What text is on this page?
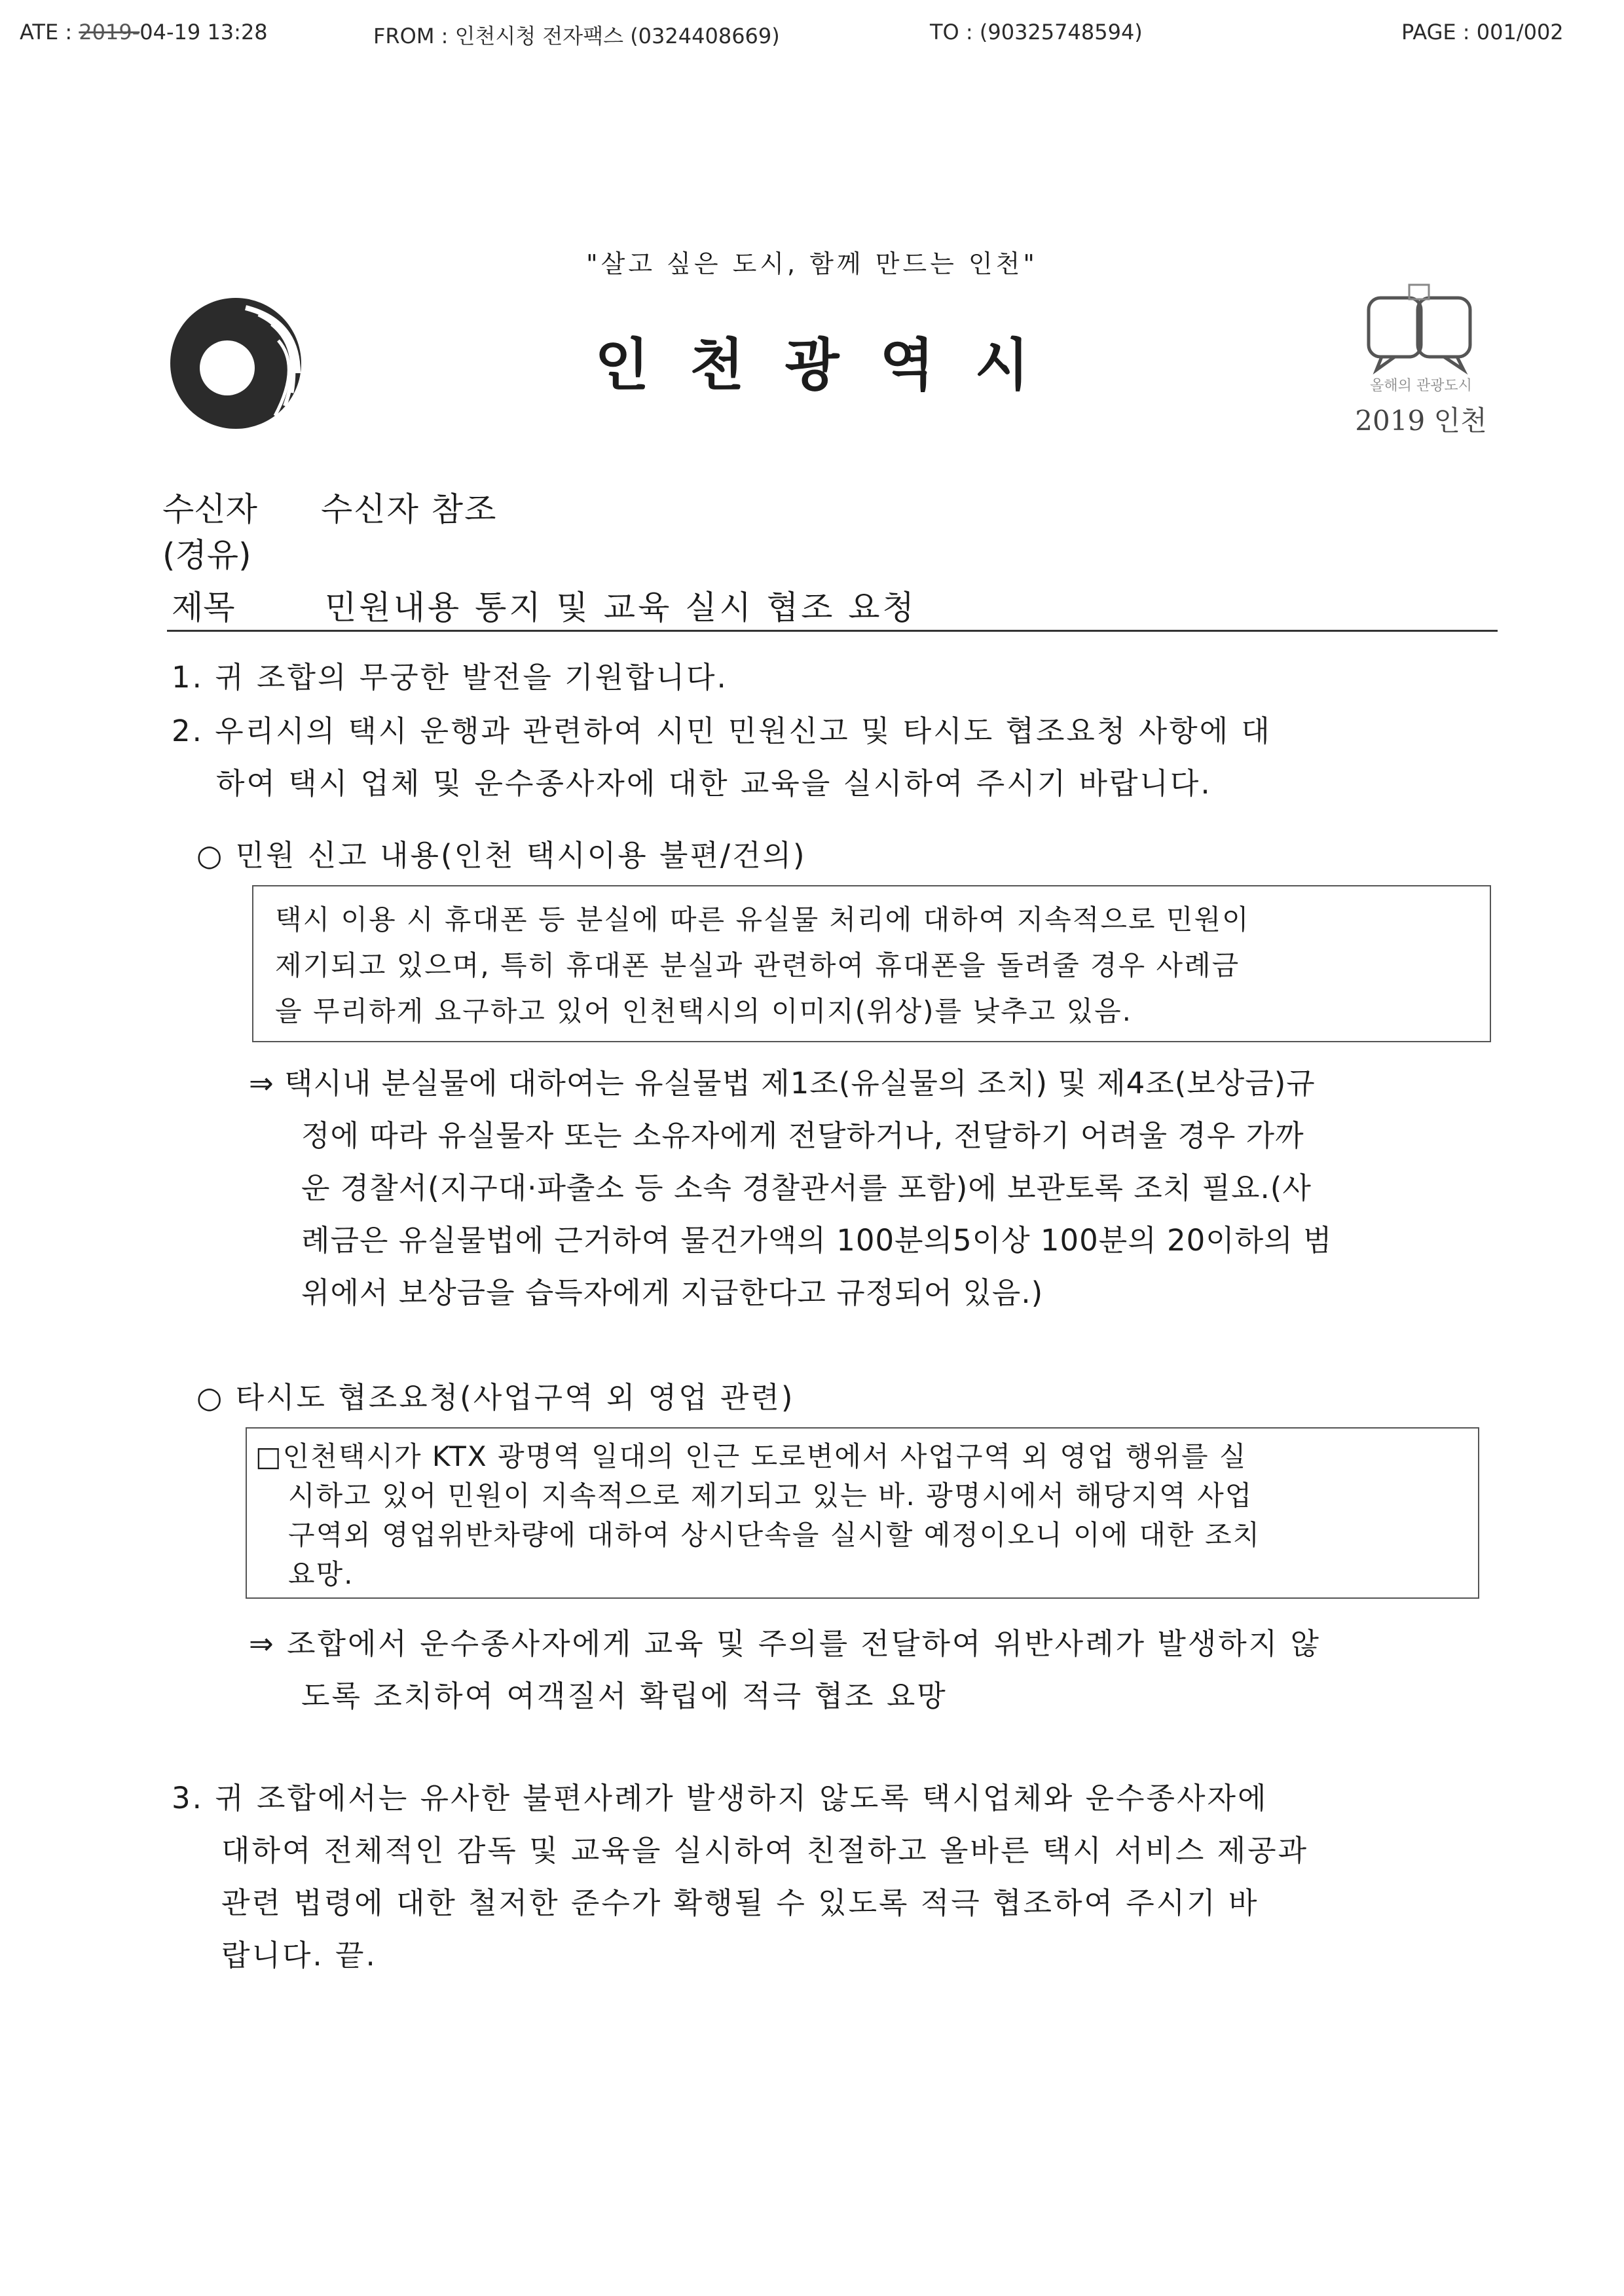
ATE : 2019-04-19 13:28	FROM : 인천시청 전자팩스 (0324408669)	TO : (90325748594)	PAGE : 001/002
"살고 싶은 도시, 함께 만드는 인천"
인천광역시	올해의 관광도시
2019 인천
수신자 수신자 참조
(경유)
제목	민원내용 통지 및 교육 실시 협조 요청
1. 귀 조합의 무궁한 발전을 기원합니다.
2. 우리시의 택시 운행과 관련하여 시민 민원신고 및 타시도 협조요청 사항에 대
하여 택시 업체 및 운수종사자에 대한 교육을 실시하여 주시기 바랍니다.
○ 민원 신고 내용(인천 택시이용 불편/건의)
택시 이용 시 휴대폰 등 분실에 따른 유실물 처리에 대하여 지속적으로 민원이
제기되고 있으며, 특히 휴대폰 분실과 관련하여 휴대폰을 돌려줄 경우 사례금
을 무리하게 요구하고 있어 인천택시의 이미지(위상)를 낮추고 있음.
⇒ 택시내 분실물에 대하여는 유실물법 제1조(유실물의 조치) 및 제4조(보상금)규
정에 따라 유실물자 또는 소유자에게 전달하거나, 전달하기 어려울 경우 가까
운 경찰서(지구대·파출소 등 소속 경찰관서를 포함)에 보관토록 조치 필요.(사
례금은 유실물법에 근거하여 물건가액의 100분의5이상 100분의 20이하의 범
위에서 보상금을 습득자에게 지급한다고 규정되어 있음.)
○ 타시도 협조요청(사업구역 외 영업 관련)
□인천택시가 KTX 광명역 일대의 인근 도로변에서 사업구역 외 영업 행위를 실
시하고 있어 민원이 지속적으로 제기되고 있는 바. 광명시에서 해당지역 사업
구역외 영업위반차량에 대하여 상시단속을 실시할 예정이오니 이에 대한 조치
요망.
⇒ 조합에서 운수종사자에게 교육 및 주의를 전달하여 위반사례가 발생하지 않
도록 조치하여 여객질서 확립에 적극 협조 요망
3. 귀 조합에서는 유사한 불편사례가 발생하지 않도록 택시업체와 운수종사자에
대하여 전체적인 감독 및 교육을 실시하여 친절하고 올바른 택시 서비스 제공과
관련 법령에 대한 철저한 준수가 확행될 수 있도록 적극 협조하여 주시기 바
랍니다. 끝.
